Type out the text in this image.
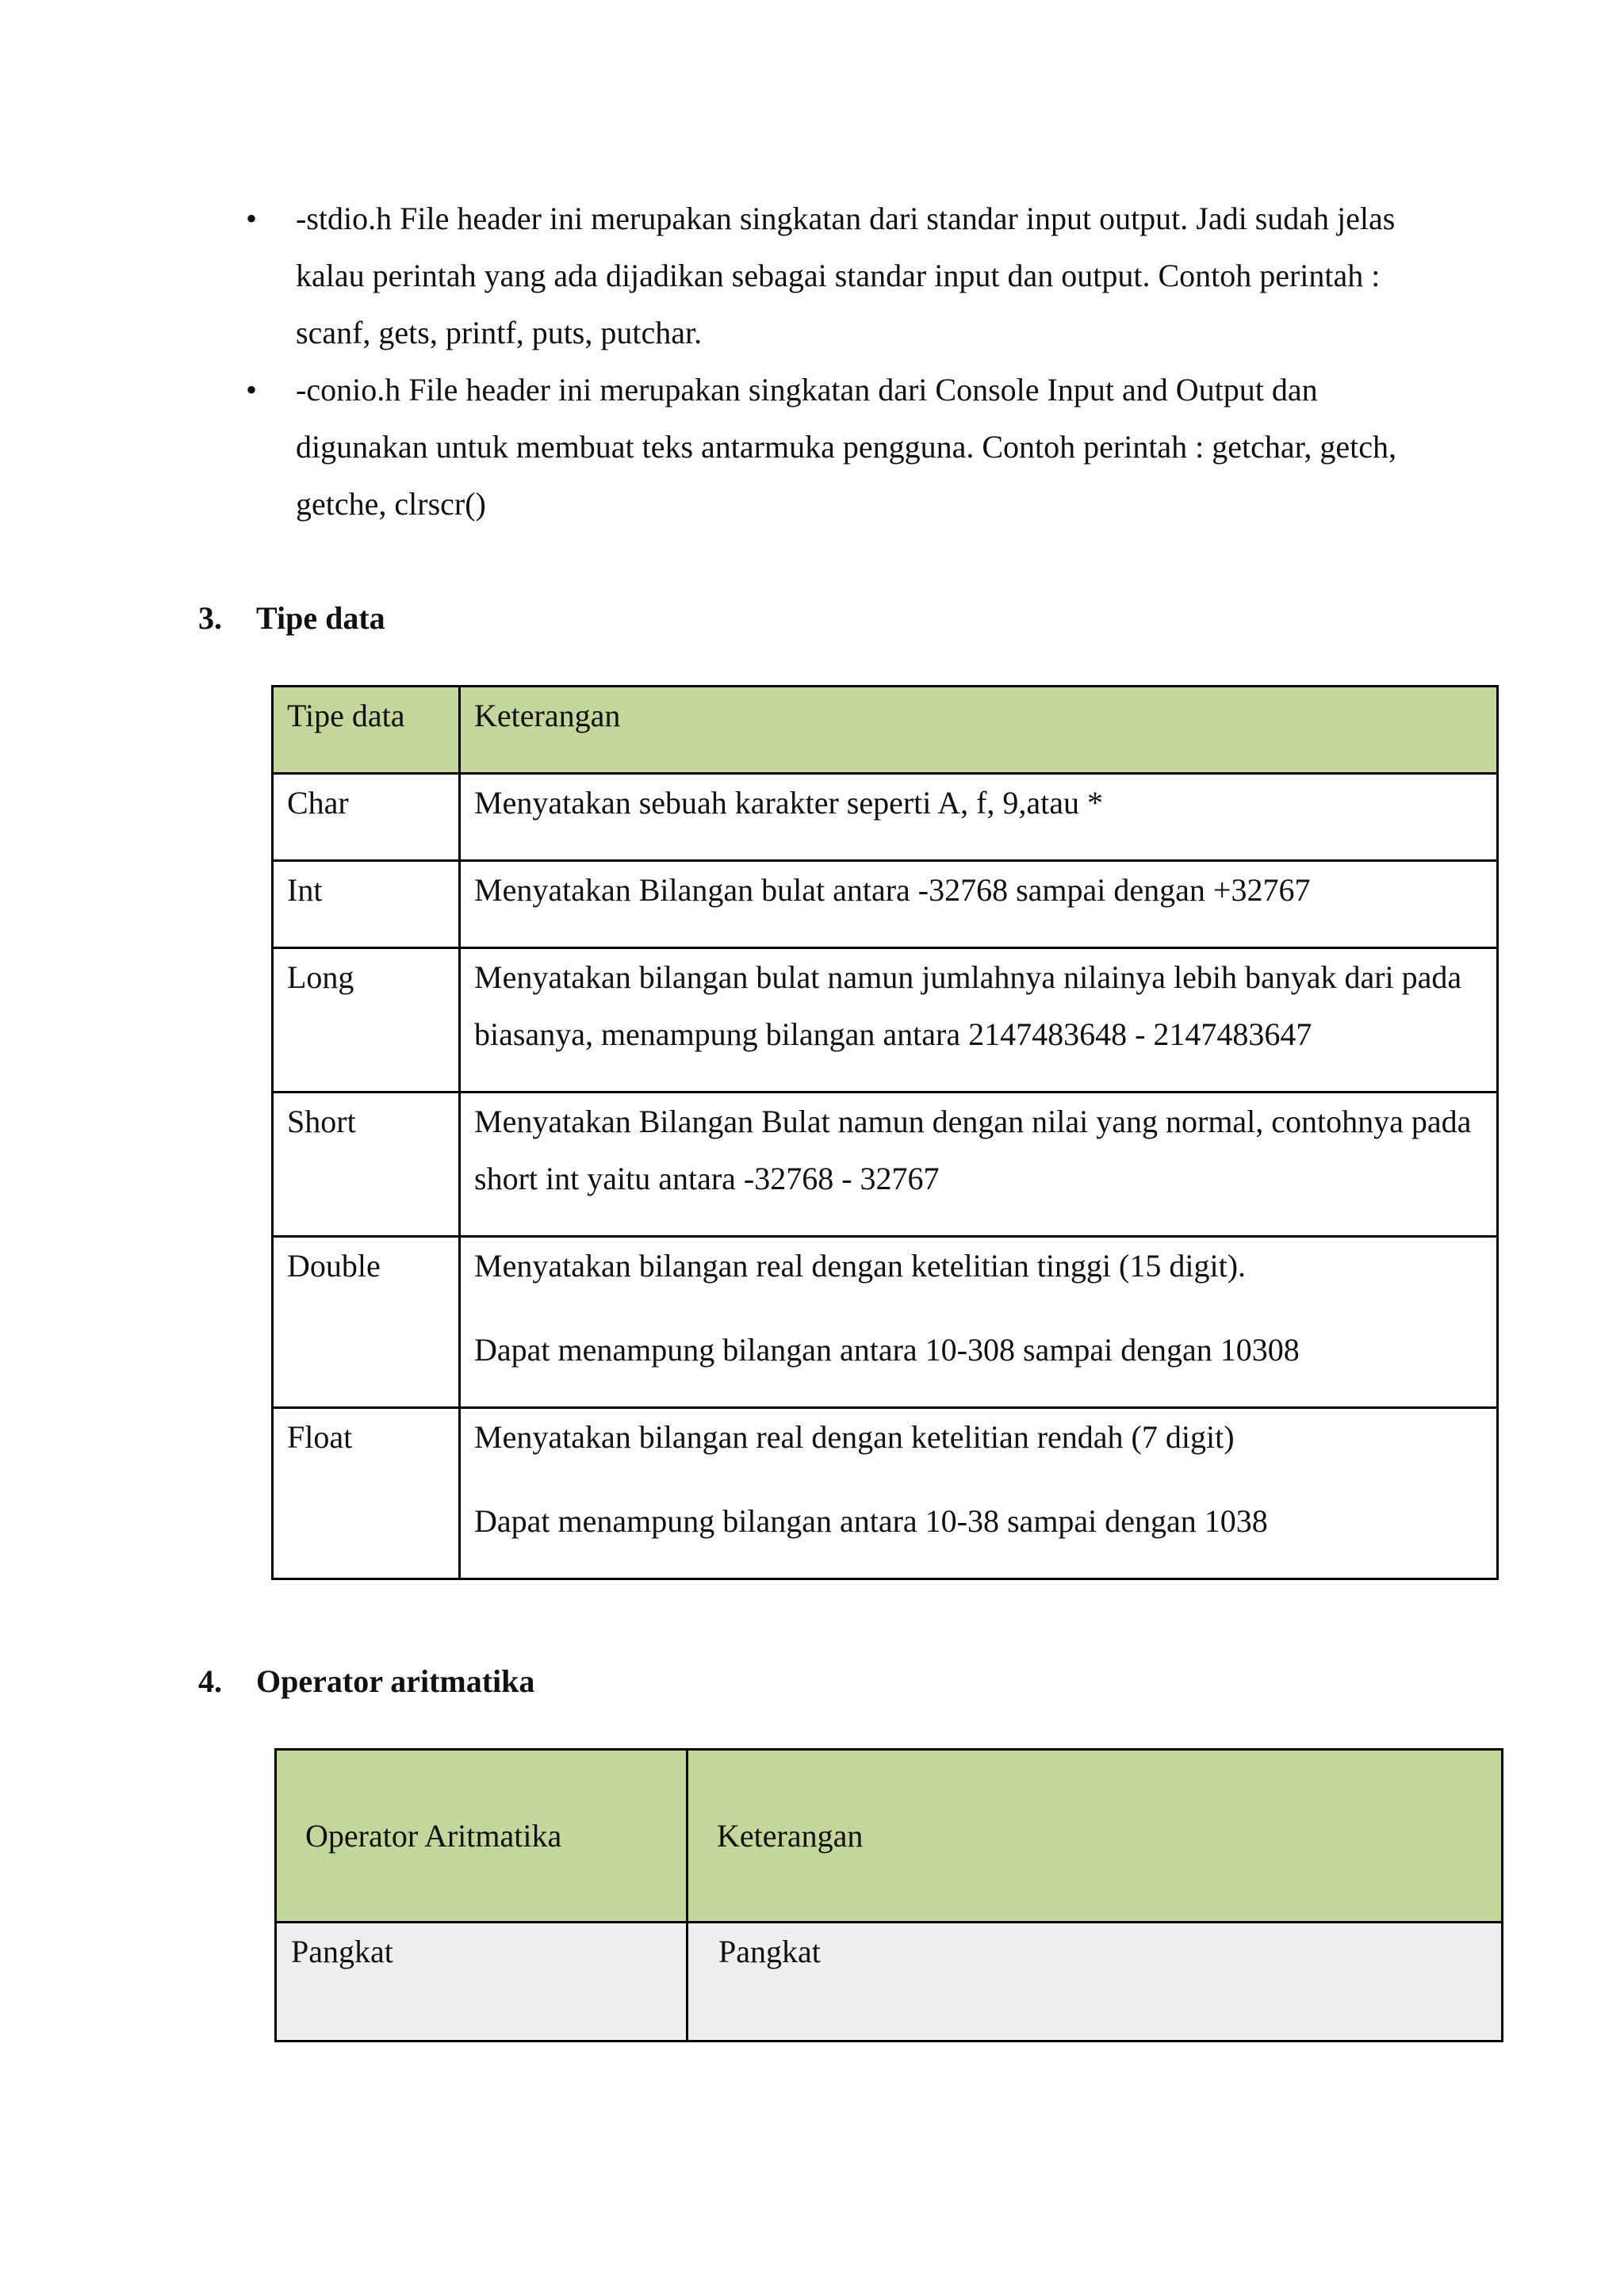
• -stdio.h File header ini merupakan singkatan dari standar input output. Jadi sudah jelas kalau perintah yang ada dijadikan sebagai standar input dan output. Contoh perintah : scanf, gets, printf, puts, putchar.
• -conio.h File header ini merupakan singkatan dari Console Input and Output dan digunakan untuk membuat teks antarmuka pengguna. Contoh perintah : getchar, getch, getche, clrscr()
3. Tipe data
Tipe data	Keterangan
Char	Menyatakan sebuah karakter seperti A, f, 9,atau *
Int	Menyatakan Bilangan bulat antara -32768 sampai dengan +32767
Long	Menyatakan bilangan bulat namun jumlahnya nilainya lebih banyak dari pada biasanya, menampung bilangan antara 2147483648 - 2147483647
Short	Menyatakan Bilangan Bulat namun dengan nilai yang normal, contohnya pada short int yaitu antara -32768 - 32767
Double	Menyatakan bilangan real dengan ketelitian tinggi (15 digit).
Dapat menampung bilangan antara 10-308 sampai dengan 10308

Float	Menyatakan bilangan real dengan ketelitian rendah (7 digit)
Dapat menampung bilangan antara 10-38 sampai dengan 1038
4. Operator aritmatika
Operator Aritmatika	Keterangan
Pangkat	Pangkat
